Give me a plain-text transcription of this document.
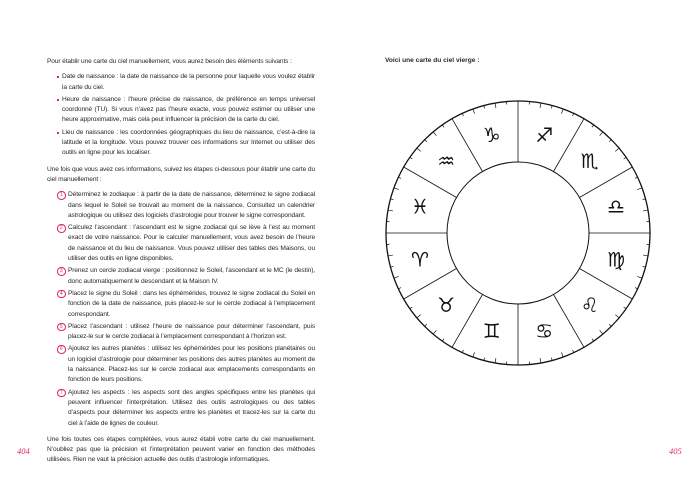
Pour établir une carte du ciel manuellement, vous aurez besoin des éléments suivants :

Date de naissance : la date de naissance de la personne pour laquelle vous voulez établir la carte du ciel.
Heure de naissance : l’heure précise de naissance, de préférence en temps universel coordonné (TU). Si vous n’avez pas l’heure exacte, vous pouvez estimer ou utiliser une heure approximative, mais cela peut influencer la précision de la carte du ciel.
Lieu de naissance : les coordonnées géographiques du lieu de naissance, c’est-à-dire la latitude et la longitude. Vous pouvez trouver ces informations sur Internet ou utiliser des outils en ligne pour les localiser.

Une fois que vous avez ces informations, suivez les étapes ci-dessous pour établir une carte du ciel manuellement :

1 Déterminez le zodiaque : à partir de la date de naissance, déterminez le signe zodiacal dans lequel le Soleil se trouvait au moment de la naissance. Consultez un calendrier astrologique ou utilisez des logiciels d’astrologie pour trouver le signe correspondant.
2 Calculez l’ascendant : l’ascendant est le signe zodiacal qui se lève à l’est au moment exact de votre naissance. Pour le calculer manuellement, vous avez besoin de l’heure de naissance et du lieu de naissance. Vous pouvez utiliser des tables des Maisons, ou utiliser des outils en ligne disponibles.
3 Prenez un cercle zodiacal vierge : positionnez le Soleil, l’ascendant et le MC (le destin), donc automatiquement le descendant et la Maison IV.
4 Placez le signe du Soleil : dans les éphémérides, trouvez le signe zodiacal du Soleil en fonction de la date de naissance, puis placez-le sur le cercle zodiacal à l’emplacement correspondant.
5 Placez l’ascendant : utilisez l’heure de naissance pour déterminer l’ascendant, puis placez-le sur le cercle zodiacal à l’emplacement correspondant à l’horizon est.
6 Ajoutez les autres planètes : utilisez les éphémérides pour les positions planétaires ou un logiciel d’astrologie pour déterminer les positions des autres planètes au moment de la naissance. Placez-les sur le cercle zodiacal aux emplacements correspondants en fonction de leurs positions.
7 Ajoutez les aspects : les aspects sont des angles spécifiques entre les planètes qui peuvent influencer l’interprétation. Utilisez des outils astrologiques ou des tables d’aspects pour déterminer les aspects entre les planètes et tracez-les sur la carte du ciel à l’aide de lignes de couleur.

Une fois toutes ces étapes complétées, vous aurez établi votre carte du ciel manuellement. N’oubliez pas que la précision et l’interprétation peuvent varier en fonction des méthodes utilisées. Rien ne vaut la précision actuelle des outils d’astrologie informatiques.

404	405
Voici une carte du ciel vierge :
♈︎
♉︎
♊︎ ♋︎
♌︎
♍︎
♎︎
♏︎
♐︎
♑︎
♒︎
♓︎
